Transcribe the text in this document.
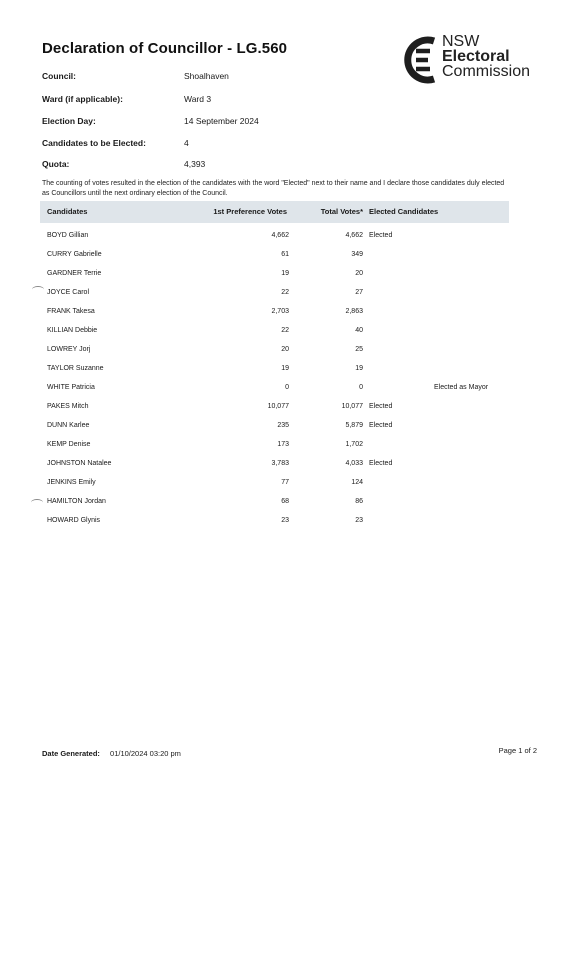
Declaration of Councillor - LG.560	NSW
Electoral
Commission
Council:	Shoalhaven
Ward (if applicable):	Ward 3
Election Day:	14 September 2024
Candidates to be Elected:	4
Quota:	4,393
The counting of votes resulted in the election of the candidates with the word "Elected" next to their name and I declare those candidates duly elected as Councillors until the next ordinary election of the Council.
Candidates	1st Preference Votes	Total Votes* Elected Candidates
BOYD Gillian	4,662	4,662 Elected
CURRY Gabrielle	61	349
GARDNER Terrie	19	20
JOYCE Carol	22	27
FRANK Takesa	2,703	2,863
KILLIAN Debbie	22	40
LOWREY Jorj	20	25
TAYLOR Suzanne	19	19
WHITE Patricia	0	0	Elected as Mayor
PAKES Mitch	10,077	10,077 Elected
DUNN Karlee	235	5,879 Elected
KEMP Denise	173	1,702
JOHNSTON Natalee	3,783	4,033 Elected
JENKINS Emily	77	124
HAMILTON Jordan	68	86
HOWARD Glynis	23	23
Date Generated: 01/10/2024 03:20 pm	Page 1 of 2
